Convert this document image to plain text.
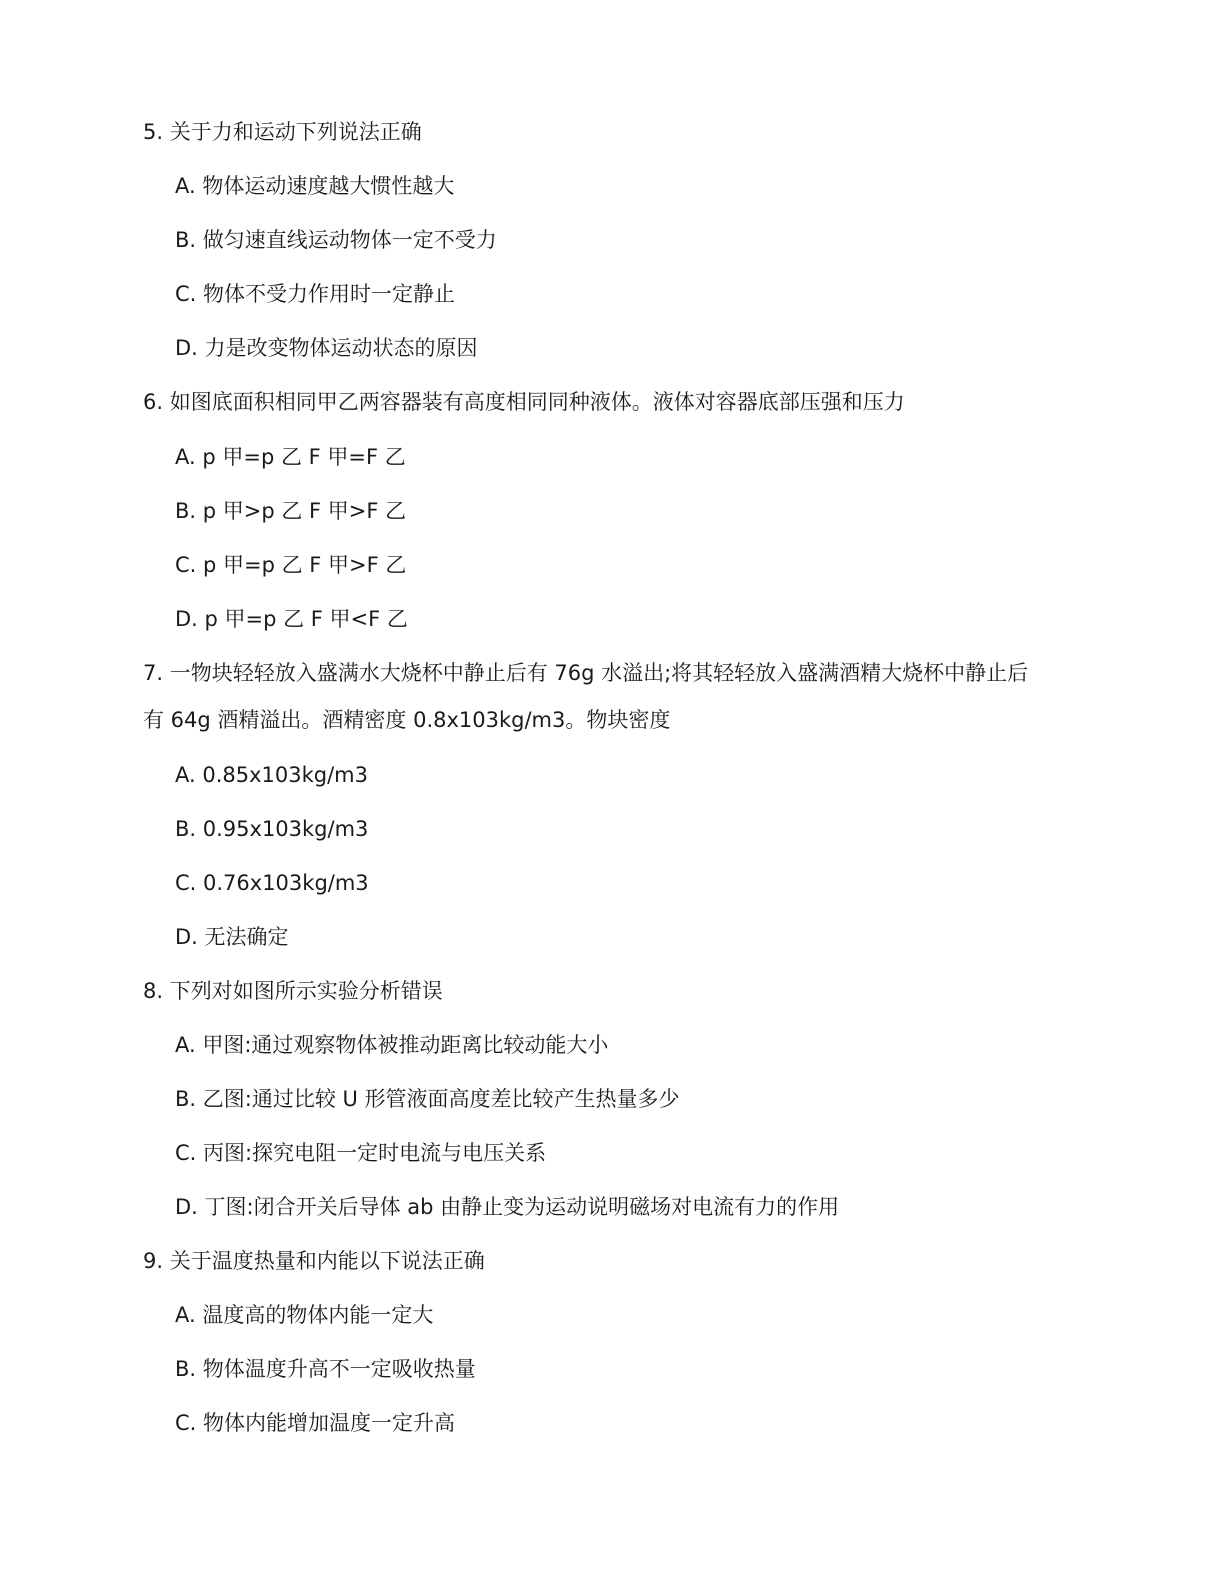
5. 关于力和运动下列说法正确
A. 物体运动速度越大惯性越大
B. 做匀速直线运动物体一定不受力
C. 物体不受力作用时一定静止
D. 力是改变物体运动状态的原因
6. 如图底面积相同甲乙两容器装有高度相同同种液体。液体对容器底部压强和压力
A. p 甲=p 乙 F 甲=F 乙
B. p 甲>p 乙 F 甲>F 乙
C. p 甲=p 乙 F 甲>F 乙
D. p 甲=p 乙 F 甲<F 乙
7. 一物块轻轻放入盛满水大烧杯中静止后有 76g 水溢出;将其轻轻放入盛满酒精大烧杯中静止后
有 64g 酒精溢出。酒精密度 0.8x103kg/m3。物块密度
A. 0.85x103kg/m3
B. 0.95x103kg/m3
C. 0.76x103kg/m3
D. 无法确定
8. 下列对如图所示实验分析错误
A. 甲图:通过观察物体被推动距离比较动能大小
B. 乙图:通过比较 U 形管液面高度差比较产生热量多少
C. 丙图:探究电阻一定时电流与电压关系
D. 丁图:闭合开关后导体 ab 由静止变为运动说明磁场对电流有力的作用
9. 关于温度热量和内能以下说法正确
A. 温度高的物体内能一定大
B. 物体温度升高不一定吸收热量
C. 物体内能增加温度一定升高
